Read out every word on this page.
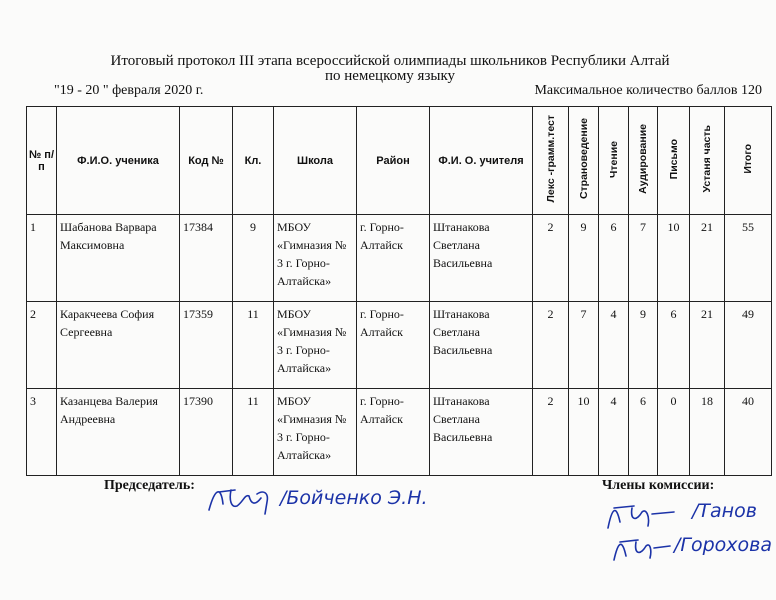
Итоговый протокол III этапа всероссийской олимпиады школьников Республики Алтай
по немецкому языку
"19 - 20 " февраля 2020 г.	Максимальное количество баллов 120
№ п/п	Ф.И.О. ученика	Код №	Кл.	Школа	Район	Ф.И. О. учителя	Лекс -грамм.тест	Страноведение	Чтение	Аудирование	Письмо	Устаня часть	Итого
1	Шабанова Варвара Максимовна	17384	9	МБОУ «Гимназия № 3 г. Горно-Алтайска»	г. Горно-Алтайск	Штанакова Светлана Васильевна	2	9	6	7	10	21	55
2	Каракчеева София Сергеевна	17359	11	МБОУ «Гимназия № 3 г. Горно-Алтайска»	г. Горно-Алтайск	Штанакова Светлана Васильевна	2	7	4	9	6	21	49
3	Казанцева Валерия Андреевна	17390	11	МБОУ «Гимназия № 3 г. Горно-Алтайска»	г. Горно-Алтайск	Штанакова Светлана Васильевна	2	10	4	6	0	18	40
Председатель:	Члены комиссии:
/Бойченко Э.Н.
/Танов
/Горохова
